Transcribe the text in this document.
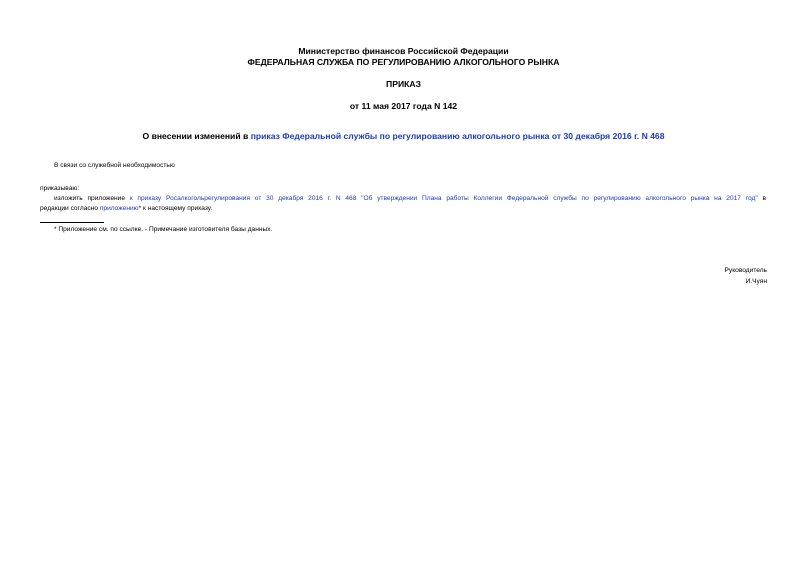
Министерство финансов Российской Федерации
ФЕДЕРАЛЬНАЯ СЛУЖБА ПО РЕГУЛИРОВАНИЮ АЛКОГОЛЬНОГО РЫНКА
ПРИКАЗ
от 11 мая 2017 года N 142
О внесении изменений в приказ Федеральной службы по регулированию алкогольного рынка от 30 декабря 2016 г. N 468
В связи со служебной необходимостью
приказываю:
изложить приложение к приказу Росалкогольрегулирования от 30 декабря 2016 г. N 468 "Об утверждении Плана работы Коллегии Федеральной службы по регулированию алкогольного рынка на 2017 год" в
редакции согласно приложению* к настоящему приказу.
* Приложение см. по ссылке. - Примечание изготовителя базы данных.
Руководитель
И.Чуян
